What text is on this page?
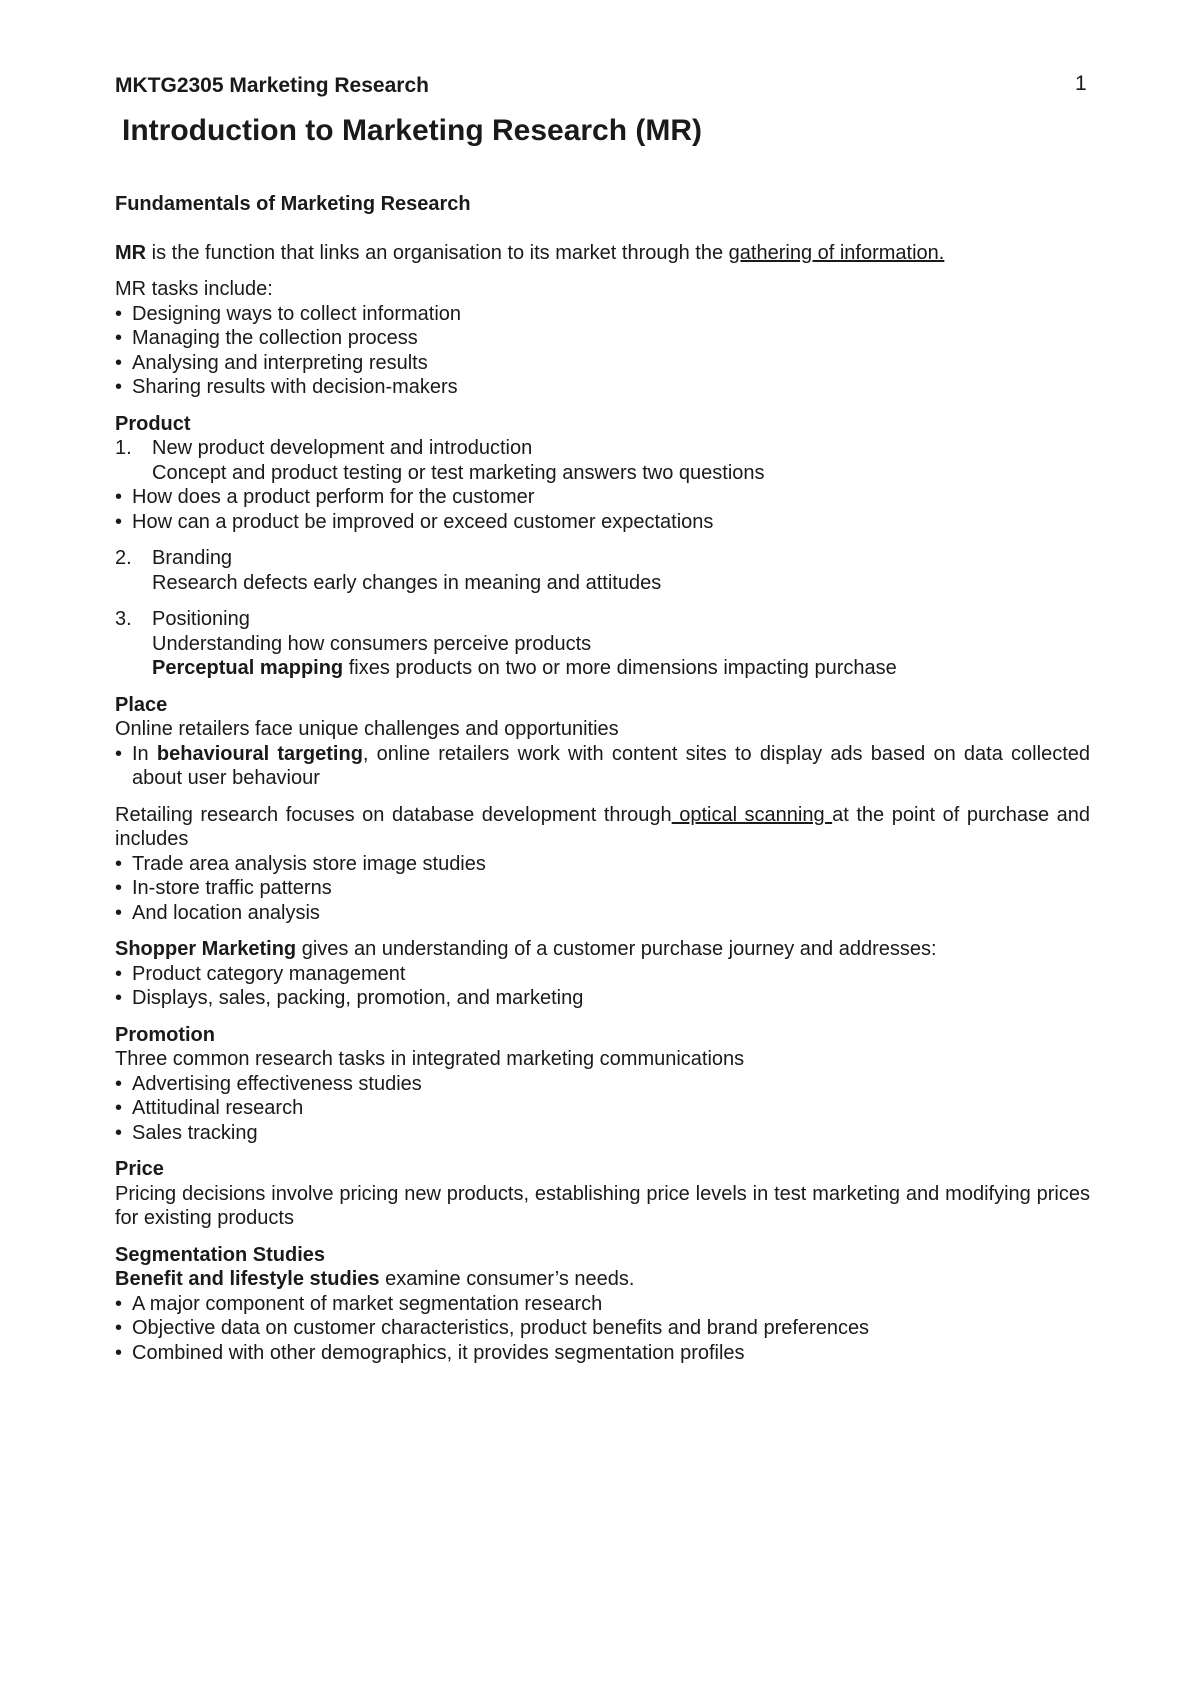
MKTG2305 Marketing Research	1
Introduction to Marketing Research (MR)

Fundamentals of Marketing Research

MR is the function that links an organisation to its market through the gathering of information.

MR tasks include:

• Designing ways to collect information
• Managing the collection process
• Analysing and interpreting results
• Sharing results with decision-makers

Product

1. New product development and introduction

Concept and product testing or test marketing answers two questions

• How does a product perform for the customer
• How can a product be improved or exceed customer expectations
2. Branding

Research defects early changes in meaning and attitudes

3. Positioning

Understanding how consumers perceive products

Perceptual mapping fixes products on two or more dimensions impacting purchase

Place

Online retailers face unique challenges and opportunities

• In behavioural targeting, online retailers work with content sites to display ads based on data collected about user behaviour

Retailing research focuses on database development through optical scanning at the point of purchase and includes

• Trade area analysis store image studies
• In-store traffic patterns
• And location analysis

Shopper Marketing gives an understanding of a customer purchase journey and addresses:

• Product category management
• Displays, sales, packing, promotion, and marketing

Promotion

Three common research tasks in integrated marketing communications

• Advertising effectiveness studies
• Attitudinal research
• Sales tracking

Price

Pricing decisions involve pricing new products, establishing price levels in test marketing and modifying prices for existing products

Segmentation Studies

Benefit and lifestyle studies examine consumer’s needs.

• A major component of market segmentation research
• Objective data on customer characteristics, product benefits and brand preferences
• Combined with other demographics, it provides segmentation profiles
